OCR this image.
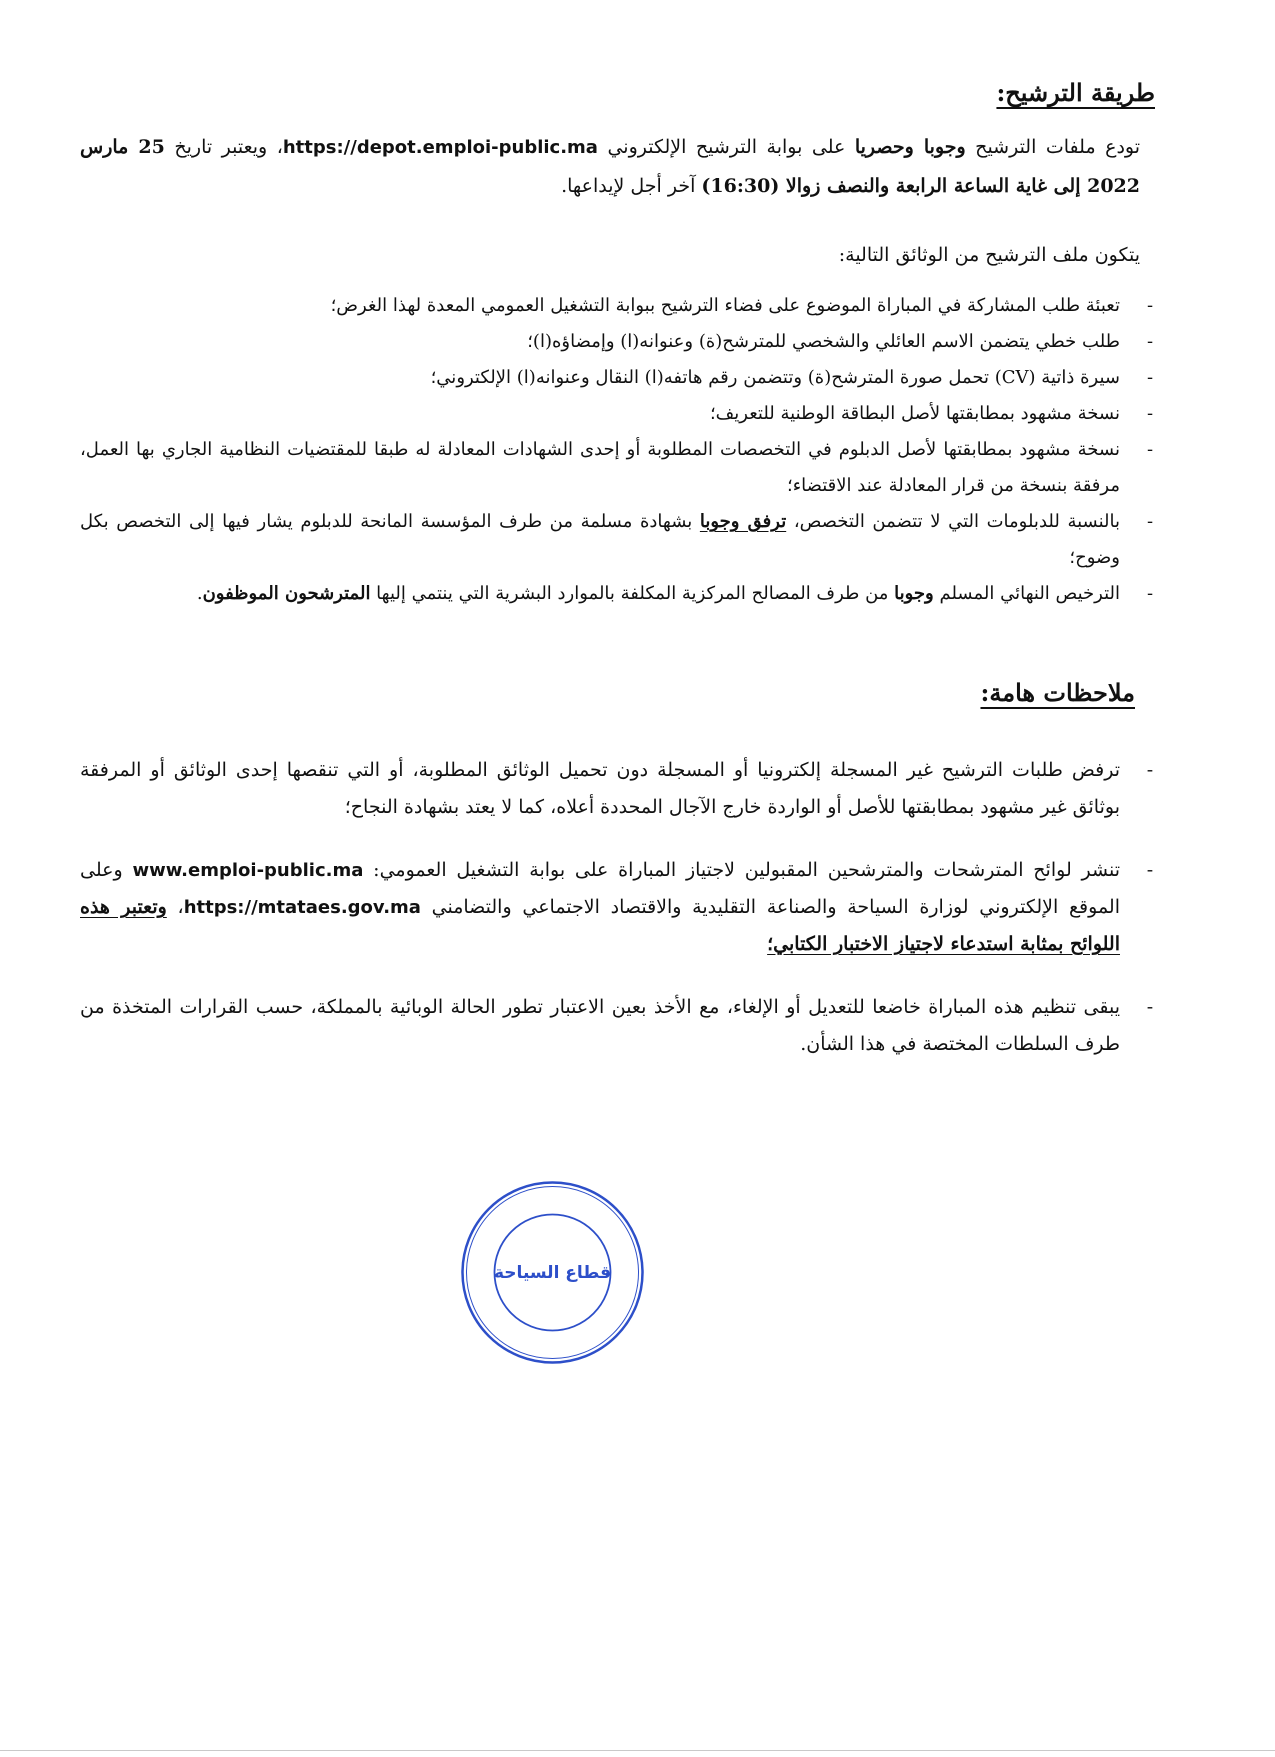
طريقة الترشيح:

تودع ملفات الترشيح وجوبا وحصريا على بوابة الترشيح الإلكتروني https://depot.emploi-public.ma، ويعتبر تاريخ 25 مارس 2022 إلى غاية الساعة الرابعة والنصف زوالا (16:30) آخر أجل لإيداعها.

يتكون ملف الترشيح من الوثائق التالية:

-
تعبئة طلب المشاركة في المباراة الموضوع على فضاء الترشيح ببوابة التشغيل العمومي المعدة لهذا الغرض؛
-
طلب خطي يتضمن الاسم العائلي والشخصي للمترشح(ة) وعنوانه(ا) وإمضاؤه(ا)؛
-
سيرة ذاتية (CV) تحمل صورة المترشح(ة) وتتضمن رقم هاتفه(ا) النقال وعنوانه(ا) الإلكتروني؛
-
نسخة مشهود بمطابقتها لأصل البطاقة الوطنية للتعريف؛
-
نسخة مشهود بمطابقتها لأصل الدبلوم في التخصصات المطلوبة أو إحدى الشهادات المعادلة له طبقا للمقتضيات النظامية الجاري بها العمل، مرفقة بنسخة من قرار المعادلة عند الاقتضاء؛
-
بالنسبة للدبلومات التي لا تتضمن التخصص، ترفق وجوبا بشهادة مسلمة من طرف المؤسسة المانحة للدبلوم يشار فيها إلى التخصص بكل وضوح؛
-
الترخيص النهائي المسلم وجوبا من طرف المصالح المركزية المكلفة بالموارد البشرية التي ينتمي إليها المترشحون الموظفون.
ملاحظات هامة:
-
ترفض طلبات الترشيح غير المسجلة إلكترونيا أو المسجلة دون تحميل الوثائق المطلوبة، أو التي تنقصها إحدى الوثائق أو المرفقة بوثائق غير مشهود بمطابقتها للأصل أو الواردة خارج الآجال المحددة أعلاه، كما لا يعتد بشهادة النجاح؛
-
تنشر لوائح المترشحات والمترشحين المقبولين لاجتياز المباراة على بوابة التشغيل العمومي: www.emploi-public.ma وعلى الموقع الإلكتروني لوزارة السياحة والصناعة التقليدية والاقتصاد الاجتماعي والتضامني https://mtataes.gov.ma، وتعتبر هذه اللوائح بمثابة استدعاء لاجتياز الاختبار الكتابي؛
-
يبقى تنظيم هذه المباراة خاضعا للتعديل أو الإلغاء، مع الأخذ بعين الاعتبار تطور الحالة الوبائية بالمملكة، حسب القرارات المتخذة من طرف السلطات المختصة في هذا الشأن.
قطاع السياحة
